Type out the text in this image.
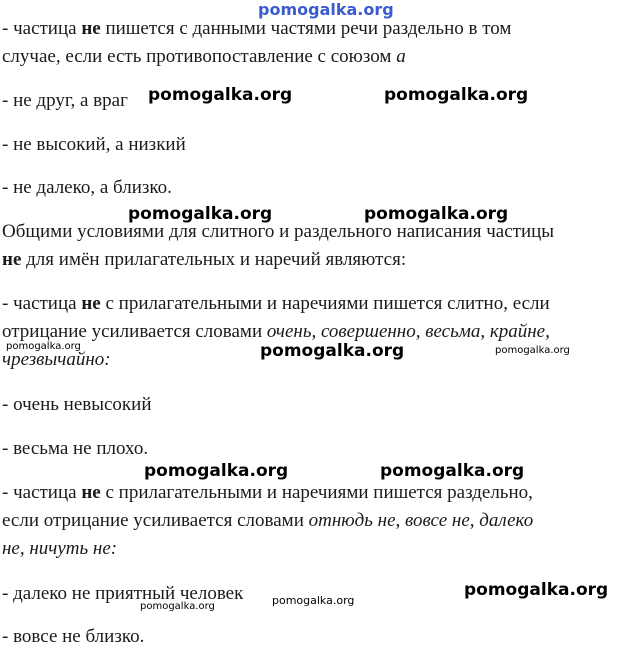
pomogalka.org
- частица не пишется с данными частями речи раздельно в том
случае, если есть противопоставление с союзом а
- не друг, а враг
- не высокий, а низкий
- не далеко, а близко.
Общими условиями для слитного и раздельного написания частицы
не для имён прилагательных и наречий являются:
- частица не с прилагательными и наречиями пишется слитно, если
отрицание усиливается словами очень, совершенно, весьма, крайне,
чрезвычайно:
- очень невысокий
- весьма не плохо.
- частица не с прилагательными и наречиями пишется раздельно,
если отрицание усиливается словами отнюдь не, вовсе не, далеко
не, ничуть не:
- далеко не приятный человек
- вовсе не близко.
pomogalka.org	pomogalka.org
pomogalka.org	pomogalka.org
pomogalka.org	pomogalka.org	pomogalka.org
pomogalka.org	pomogalka.org
pomogalka.org
pomogalka.org
pomogalka.org
